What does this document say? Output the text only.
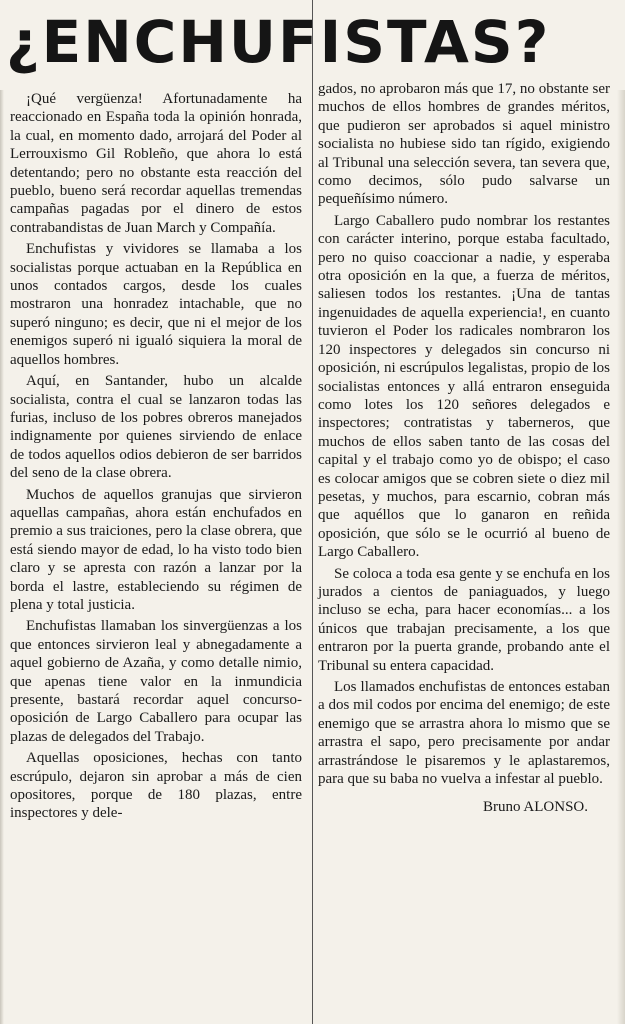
¿ENCHUFISTAS?

¡Qué vergüenza! Afortunadamente ha reaccionado en España toda la opinión honrada, la cual, en momento dado, arrojará del Poder al Lerrouxismo Gil Robleño, que ahora lo está detentando; pero no obstante esta reacción del pueblo, bueno será recordar aquellas tremendas campañas pagadas por el dinero de estos contrabandistas de Juan March y Compañía.

Enchufistas y vividores se llamaba a los socialistas porque actuaban en la República en unos contados cargos, desde los cuales mostraron una honradez intachable, que no superó ninguno; es decir, que ni el mejor de los enemigos superó ni igualó siquiera la moral de aquellos hombres.

Aquí, en Santander, hubo un alcalde socialista, contra el cual se lanzaron todas las furias, incluso de los pobres obreros manejados indignamente por quienes sirviendo de enlace de todos aquellos odios debieron de ser barridos del seno de la clase obrera.

Muchos de aquellos granujas que sirvieron aquellas campañas, ahora están enchufados en premio a sus traiciones, pero la clase obrera, que está siendo mayor de edad, lo ha visto todo bien claro y se apresta con razón a lanzar por la borda el lastre, estableciendo su régimen de plena y total justicia.

Enchufistas llamaban los sinvergüenzas a los que entonces sirvieron leal y abnegadamente a aquel gobierno de Azaña, y como detalle nimio, que apenas tiene valor en la inmundicia presente, bastará recordar aquel concurso-oposición de Largo Caballero para ocupar las plazas de delegados del Trabajo.

Aquellas oposiciones, hechas con tanto escrúpulo, dejaron sin aprobar a más de cien opositores, porque de 180 plazas, entre inspectores y dele-

gados, no aprobaron más que 17, no obstante ser muchos de ellos hombres de grandes méritos, que pudieron ser aprobados si aquel ministro socialista no hubiese sido tan rígido, exigiendo al Tribunal una selección severa, tan severa que, como decimos, sólo pudo salvarse un pequeñísimo número.

Largo Caballero pudo nombrar los restantes con carácter interino, porque estaba facultado, pero no quiso coaccionar a nadie, y esperaba otra oposición en la que, a fuerza de méritos, saliesen todos los restantes. ¡Una de tantas ingenuidades de aquella experiencia!, en cuanto tuvieron el Poder los radicales nombraron los 120 inspectores y delegados sin concurso ni oposición, ni escrúpulos legalistas, propio de los socialistas entonces y allá entraron enseguida como lotes los 120 señores delegados e inspectores; contratistas y taberneros, que muchos de ellos saben tanto de las cosas del capital y el trabajo como yo de obispo; el caso es colocar amigos que se cobren siete o diez mil pesetas, y muchos, para escarnio, cobran más que aquéllos que lo ganaron en reñida oposición, que sólo se le ocurrió al bueno de Largo Caballero.

Se coloca a toda esa gente y se enchufa en los jurados a cientos de paniaguados, y luego incluso se echa, para hacer economías... a los únicos que trabajan precisamente, a los que entraron por la puerta grande, probando ante el Tribunal su entera capacidad.

Los llamados enchufistas de entonces estaban a dos mil codos por encima del enemigo; de este enemigo que se arrastra ahora lo mismo que se arrastra el sapo, pero precisamente por andar arrastrándose le pisaremos y le aplastaremos, para que su baba no vuelva a infestar al pueblo.

Bruno ALONSO.
